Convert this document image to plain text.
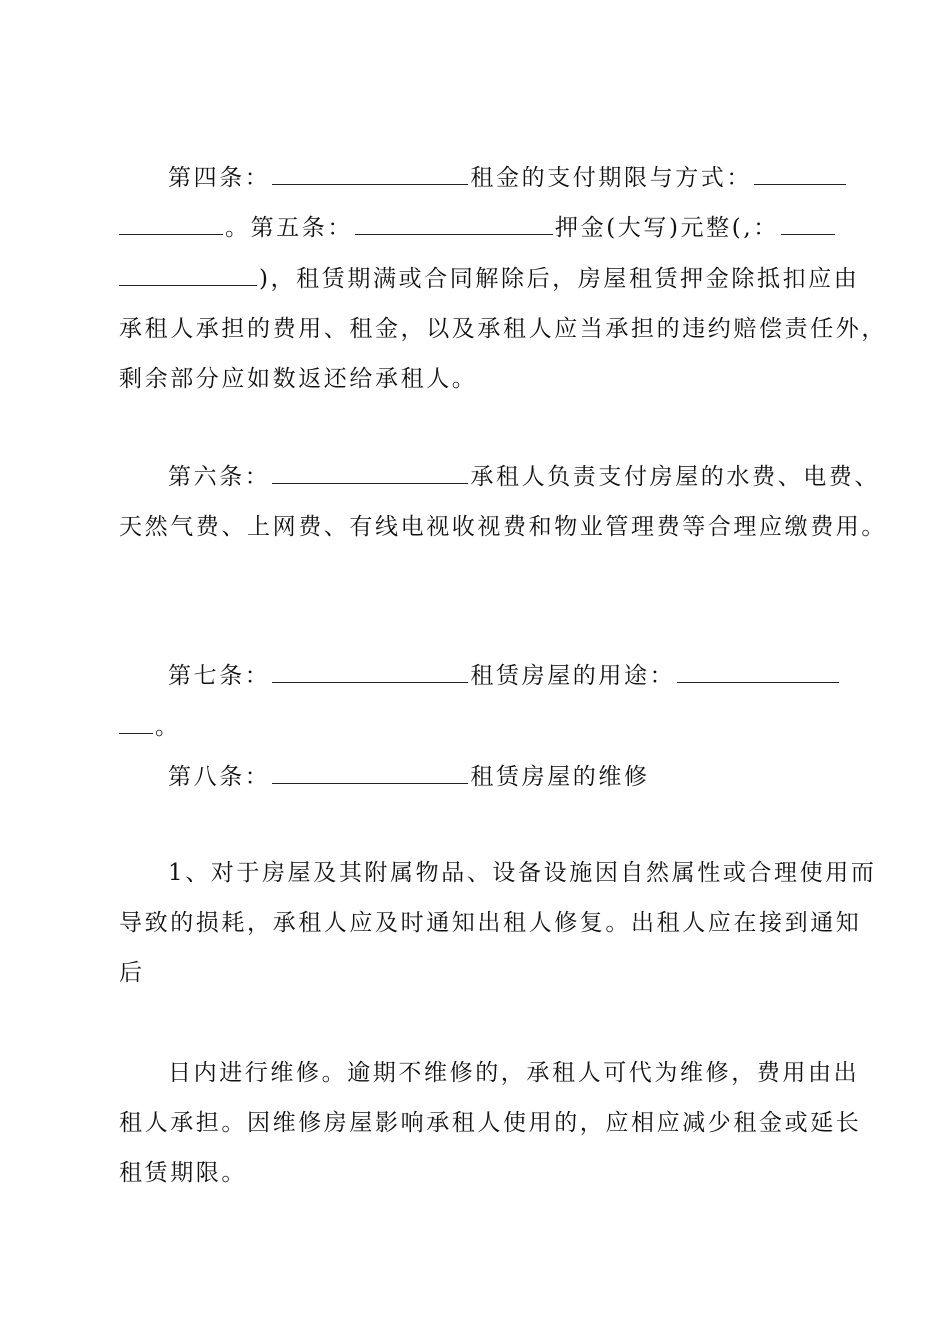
第四条：	租金的支付期限与方式：
。第五条：	押金(大写)元整(,：
)，租赁期满或合同解除后，房屋租赁押金除抵扣应由
承租人承担的费用、租金，以及承租人应当承担的违约赔偿责任外，
剩余部分应如数返还给承租人。
第六条：	承租人负责支付房屋的水费、电费、
天然气费、上网费、有线电视收视费和物业管理费等合理应缴费用。
第七条：	租赁房屋的用途：
。
第八条：	租赁房屋的维修
1、对于房屋及其附属物品、设备设施因自然属性或合理使用而
导致的损耗，承租人应及时通知出租人修复。出租人应在接到通知
后
日内进行维修。逾期不维修的，承租人可代为维修，费用由出
租人承担。因维修房屋影响承租人使用的，应相应减少租金或延长
租赁期限。
